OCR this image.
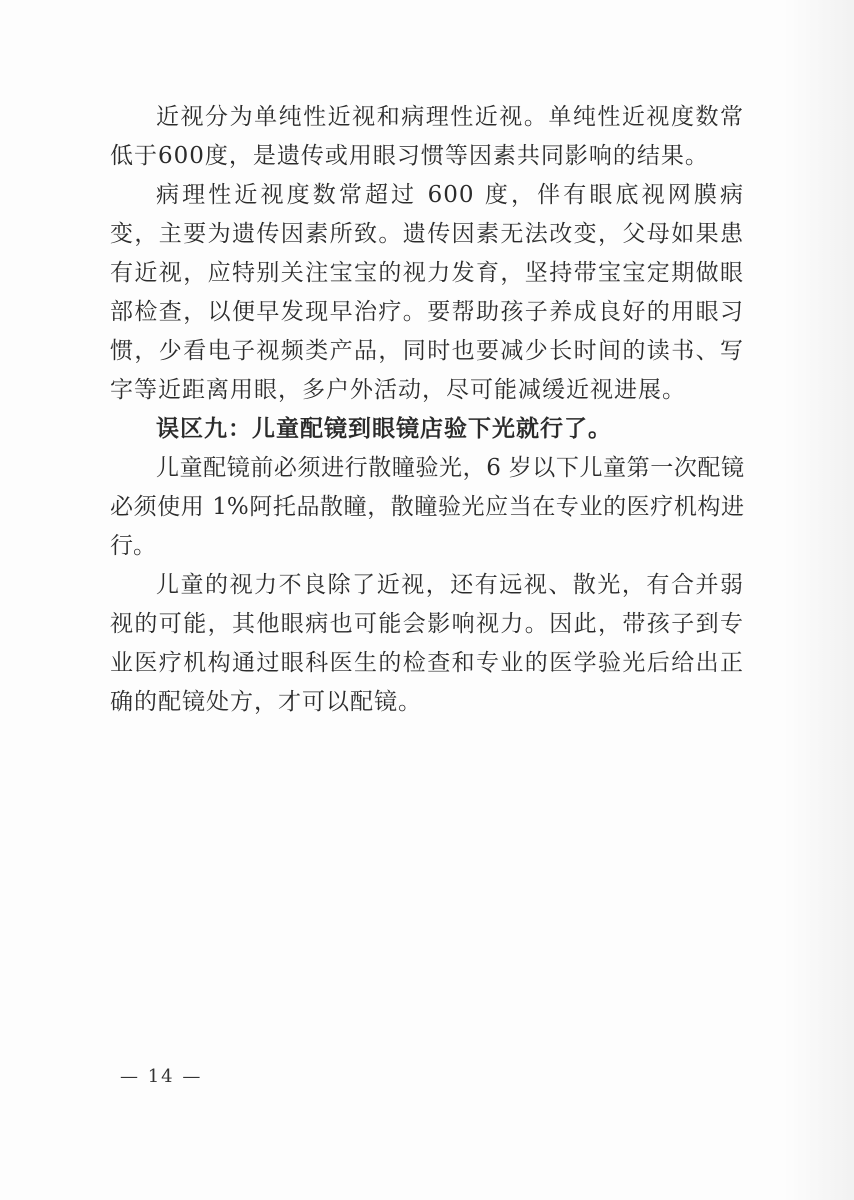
近视分为单纯性近视和病理性近视。单纯性近视度数常低于600度，是遗传或用眼习惯等因素共同影响的结果。

病理性近视度数常超过 600 度，伴有眼底视网膜病变，主要为遗传因素所致。遗传因素无法改变，父母如果患有近视，应特别关注宝宝的视力发育，坚持带宝宝定期做眼部检查，以便早发现早治疗。要帮助孩子养成良好的用眼习惯，少看电子视频类产品，同时也要减少长时间的读书、写字等近距离用眼，多户外活动，尽可能减缓近视进展。

误区九：儿童配镜到眼镜店验下光就行了。

儿童配镜前必须进行散瞳验光，6 岁以下儿童第一次配镜必须使用 1%阿托品散瞳，散瞳验光应当在专业的医疗机构进行。

儿童的视力不良除了近视，还有远视、散光，有合并弱视的可能，其他眼病也可能会影响视力。因此，带孩子到专业医疗机构通过眼科医生的检查和专业的医学验光后给出正确的配镜处方，才可以配镜。

— 14 —
